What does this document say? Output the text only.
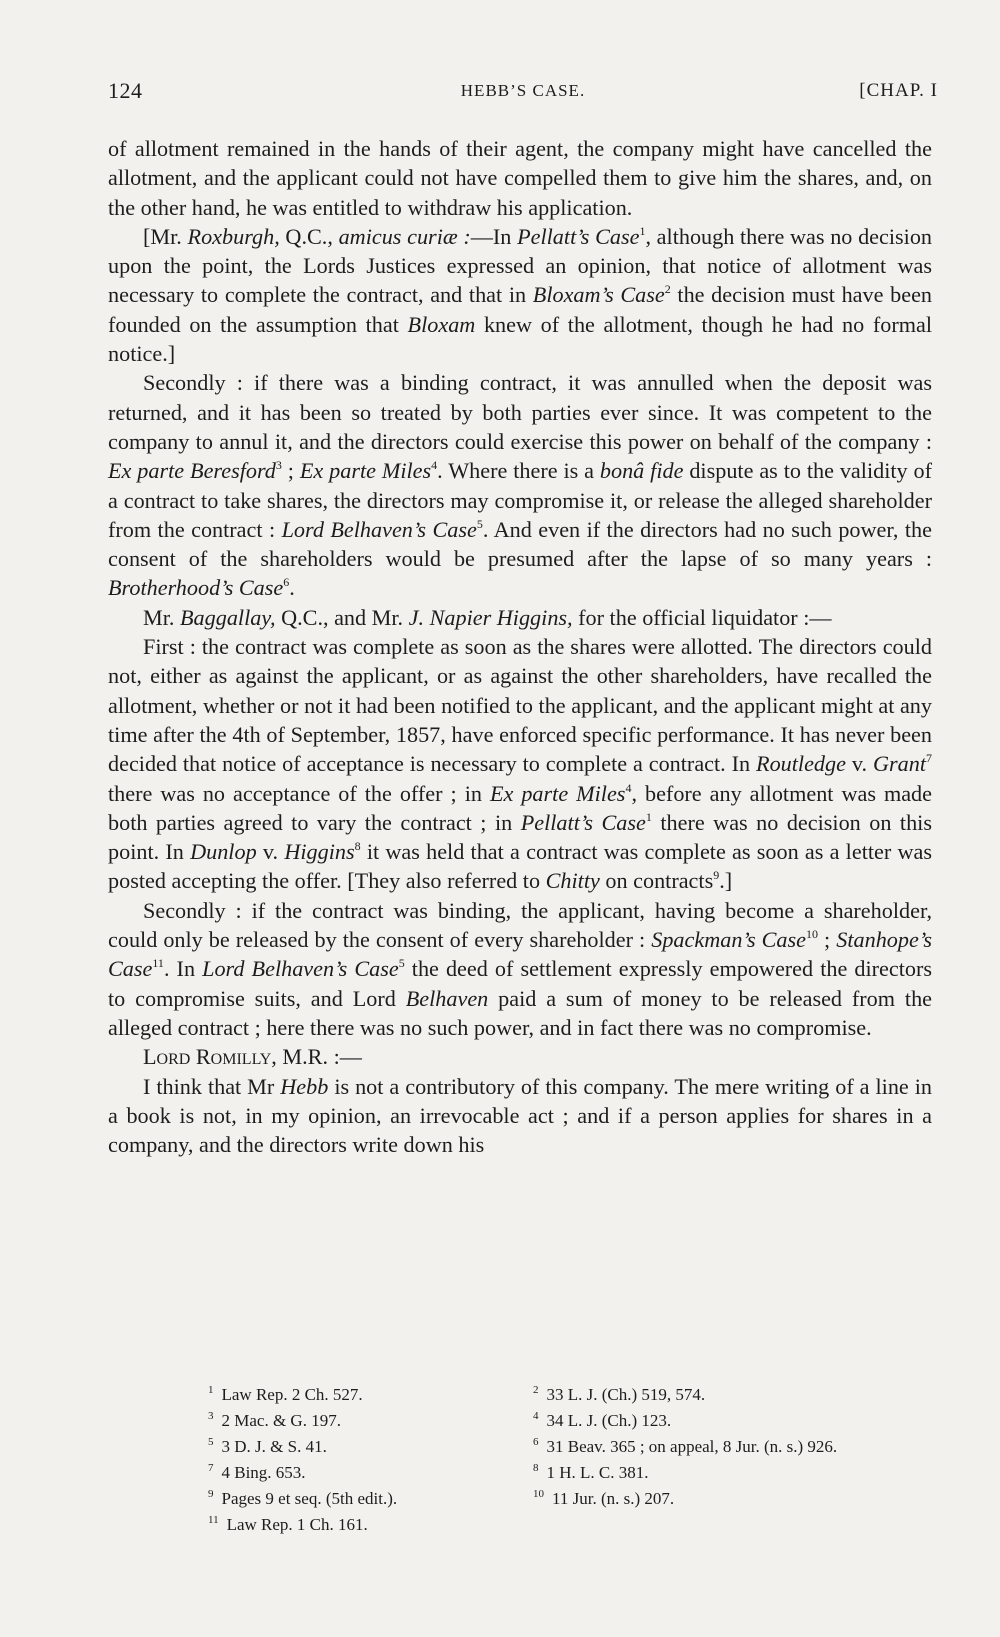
124	HEBB’S CASE.	[CHAP. I

of allotment remained in the hands of their agent, the company might have cancelled the allotment, and the applicant could not have compelled them to give him the shares, and, on the other hand, he was entitled to withdraw his application.

[Mr. Roxburgh, Q.C., amicus curiæ :—In Pellatt’s Case$^1$, although there was no decision upon the point, the Lords Justices expressed an opinion, that notice of allotment was necessary to complete the contract, and that in Bloxam’s Case$^2$ the decision must have been founded on the assumption that Bloxam knew of the allotment, though he had no formal notice.]

Secondly : if there was a binding contract, it was annulled when the deposit was returned, and it has been so treated by both parties ever since. It was competent to the company to annul it, and the directors could exercise this power on behalf of the company : Ex parte Beresford$^3$ ; Ex parte Miles$^4$. Where there is a bonâ fide dispute as to the validity of a contract to take shares, the directors may compromise it, or release the alleged shareholder from the contract : Lord Belhaven’s Case$^5$. And even if the directors had no such power, the consent of the shareholders would be presumed after the lapse of so many years : Brotherhood’s Case$^6$.

Mr. Baggallay, Q.C., and Mr. J. Napier Higgins, for the official liquidator :—

First : the contract was complete as soon as the shares were allotted. The directors could not, either as against the applicant, or as against the other shareholders, have recalled the allotment, whether or not it had been notified to the applicant, and the applicant might at any time after the 4th of September, 1857, have enforced specific performance. It has never been decided that notice of acceptance is necessary to complete a contract. In Routledge v. Grant$^7$ there was no acceptance of the offer ; in Ex parte Miles$^4$, before any allotment was made both parties agreed to vary the contract ; in Pellatt’s Case$^1$ there was no decision on this point. In Dunlop v. Higgins$^8$ it was held that a contract was complete as soon as a letter was posted accepting the offer. [They also referred to Chitty on contracts$^9$.]

Secondly : if the contract was binding, the applicant, having become a shareholder, could only be released by the consent of every shareholder : Spackman’s Case$^{10}$ ; Stanhope’s Case$^{11}$. In Lord Belhaven’s Case$^5$ the deed of settlement expressly empowered the directors to compromise suits, and Lord Belhaven paid a sum of money to be released from the alleged contract ; here there was no such power, and in fact there was no compromise.

Lord Romilly, M.R. :—

I think that Mr Hebb is not a contributory of this company. The mere writing of a line in a book is not, in my opinion, an irrevocable act ; and if a person applies for shares in a company, and the directors write down his

$^1$ Law Rep. 2 Ch. 527.	$^2$ 33 L. J. (Ch.) 519, 574.
$^3$ 2 Mac. & G. 197.	$^4$ 34 L. J. (Ch.) 123.
$^5$ 3 D. J. & S. 41.	$^6$ 31 Beav. 365 ; on appeal, 8 Jur. (n. s.) 926.
$^7$ 4 Bing. 653.	$^8$ 1 H. L. C. 381.
$^9$ Pages 9 et seq. (5th edit.).	$^{10}$ 11 Jur. (n. s.) 207.
$^{11}$ Law Rep. 1 Ch. 161.
